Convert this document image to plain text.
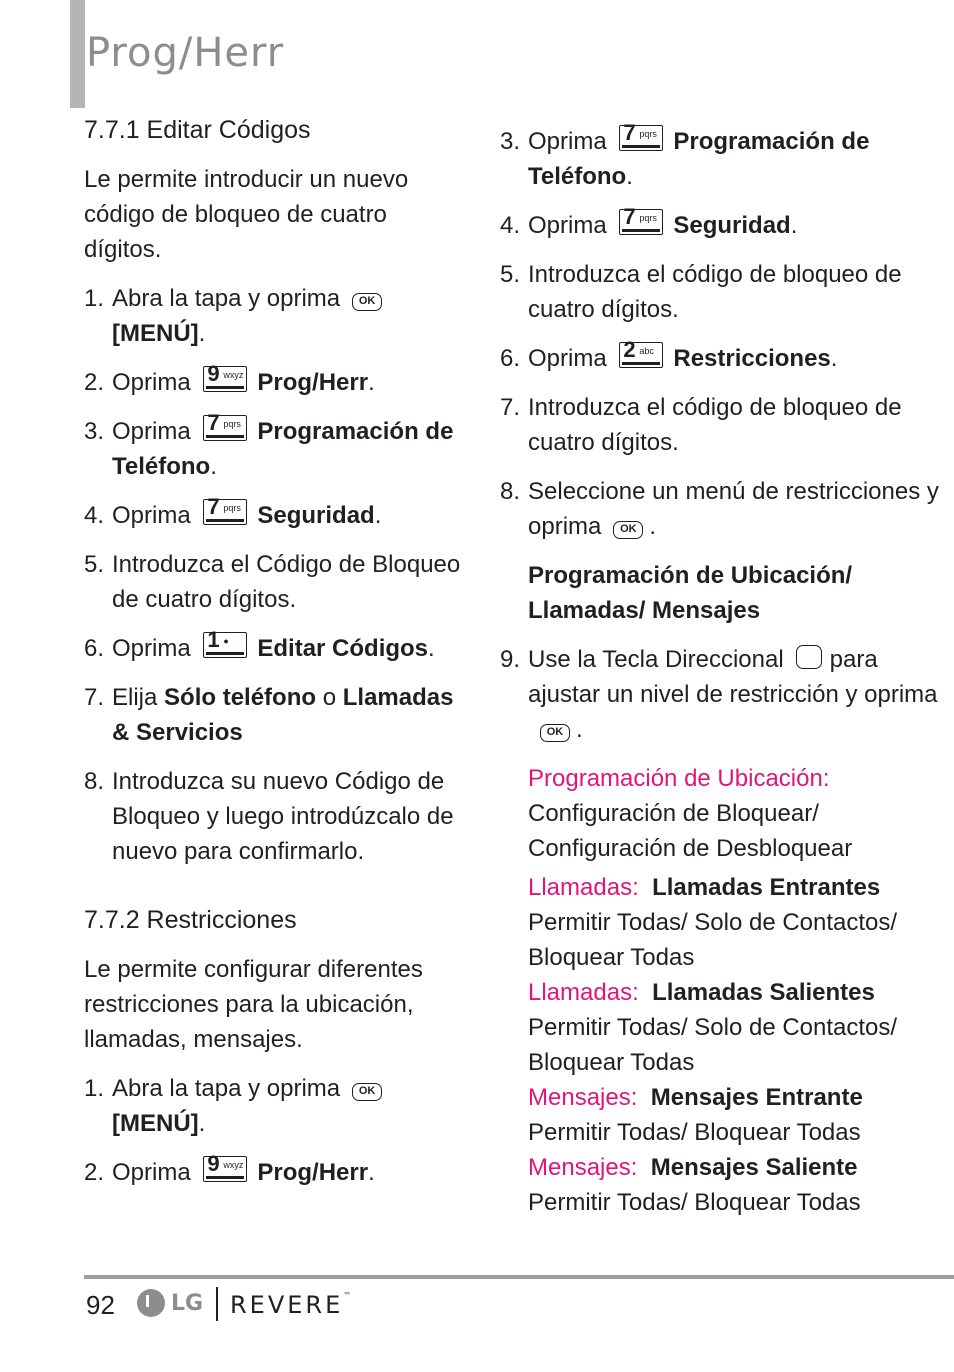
Prog/Herr
7.7.1 Editar Códigos
Le permite introducir un nuevo código de bloqueo de cuatro dígitos.
1. Abra la tapa y oprima OK
[MENÚ].
2. Oprima 9 wxyz Prog/Herr.
3. Oprima 7 pqrs Programación de Teléfono.
4. Oprima 7 pqrs Seguridad.
5. Introduzca el Código de Bloqueo de cuatro dígitos.
6. Oprima 1 ● Editar Códigos.
7. Elija Sólo teléfono o Llamadas & Servicios
8. Introduzca su nuevo Código de Bloqueo y luego introdúzcalo de nuevo para confirmarlo.
7.7.2 Restricciones
Le permite configurar diferentes restricciones para la ubicación, llamadas, mensajes.
1. Abra la tapa y oprima OK
[MENÚ].
2. Oprima 9 wxyz Prog/Herr.
3. Oprima 7 pqrs Programación de Teléfono.
4. Oprima 7 pqrs Seguridad.
5. Introduzca el código de bloqueo de cuatro dígitos.
6. Oprima 2 abc Restricciones.
7. Introduzca el código de bloqueo de cuatro dígitos.
8. Seleccione un menú de restricciones y oprima OK .
Programación de Ubicación/ Llamadas/ Mensajes
9. Use la Tecla Direccional para ajustar un nivel de restricción y oprimaOK .
Programación de Ubicación:
Configuración de Bloquear/ Configuración de Desbloquear
Llamadas: Llamadas Entrantes
Permitir Todas/ Solo de Contactos/ Bloquear Todas
Llamadas: Llamadas Salientes
Permitir Todas/ Solo de Contactos/ Bloquear Todas
Mensajes: Mensajes Entrante
Permitir Todas/ Bloquear Todas
Mensajes: Mensajes Saliente
Permitir Todas/ Bloquear Todas
92	LG REVERE™
